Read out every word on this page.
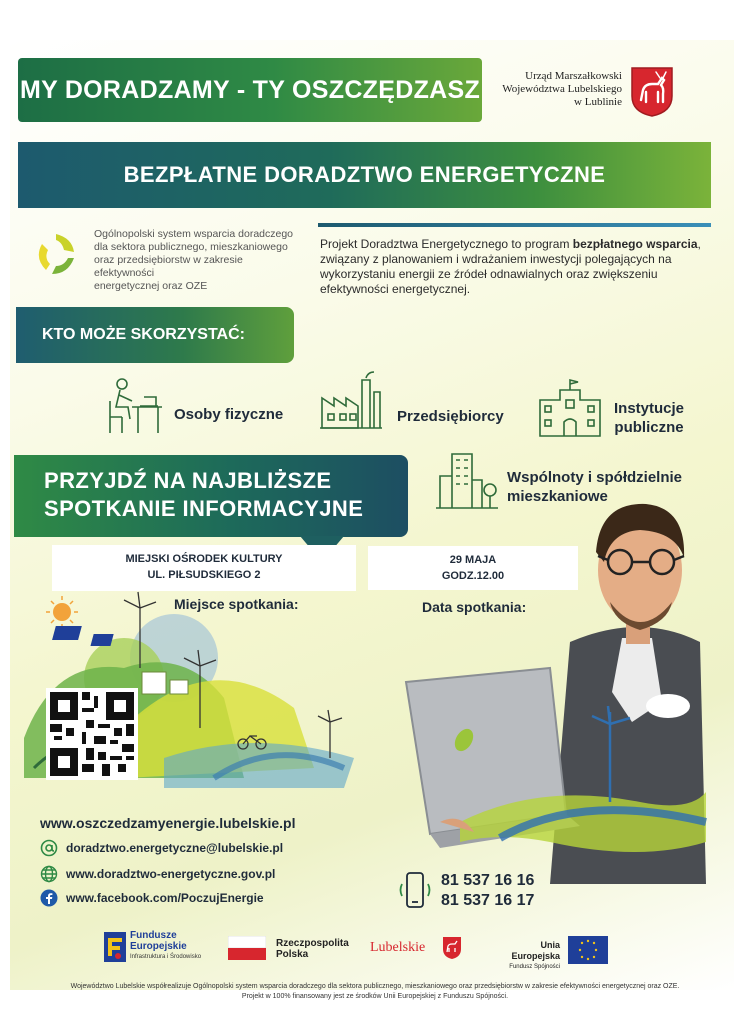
MY DORADZAMY - TY OSZCZĘDZASZ	Urząd Marszałkowski
Województwa Lubelskiego
w Lublinie
BEZPŁATNE DORADZTWO ENERGETYCZNE
Ogólnopolski system wsparcia doradczego
dla sektora publicznego, mieszkaniowego
oraz przedsiębiorstw w zakresie efektywności
energetycznej oraz OZE
Projekt Doradztwa Energetycznego to program bezpłatnego wsparcia, związany z planowaniem i wdrażaniem inwestycji polegających na wykorzystaniu energii ze źródeł odnawialnych oraz zwiększeniu efektywności energetycznej.
KTO MOŻE SKORZYSTAĆ:
Osoby fizyczne	Przedsiębiorcy	Instytucje
publiczne
Wspólnoty i spółdzielnie
mieszkaniowe
PRZYJDŹ NA NAJBLIŻSZE
SPOTKANIE INFORMACYJNE
MIEJSKI OŚRODEK KULTURY
UL. PIŁSUDSKIEGO 2
29 MAJA
GODZ.12.00
Miejsce spotkania:	Data spotkania:
www.oszczedzamyenergie.lubelskie.pl
doradztwo.energetyczne@lubelskie.pl
www.doradztwo-energetyczne.gov.pl
www.facebook.com/PoczujEnergie
81 537 16 16
81 537 16 17
Fundusze
Europejskie
Infrastruktura i Środowisko
Rzeczpospolita
Polska	Lubelskie	Unia Europejska
Fundusz Spójności
Województwo Lubelskie współrealizuje Ogólnopolski system wsparcia doradczego dla sektora publicznego, mieszkaniowego oraz przedsiębiorstw w zakresie efektywności energetycznej oraz OZE.
Projekt w 100% finansowany jest ze środków Unii Europejskiej z Funduszu Spójności.
